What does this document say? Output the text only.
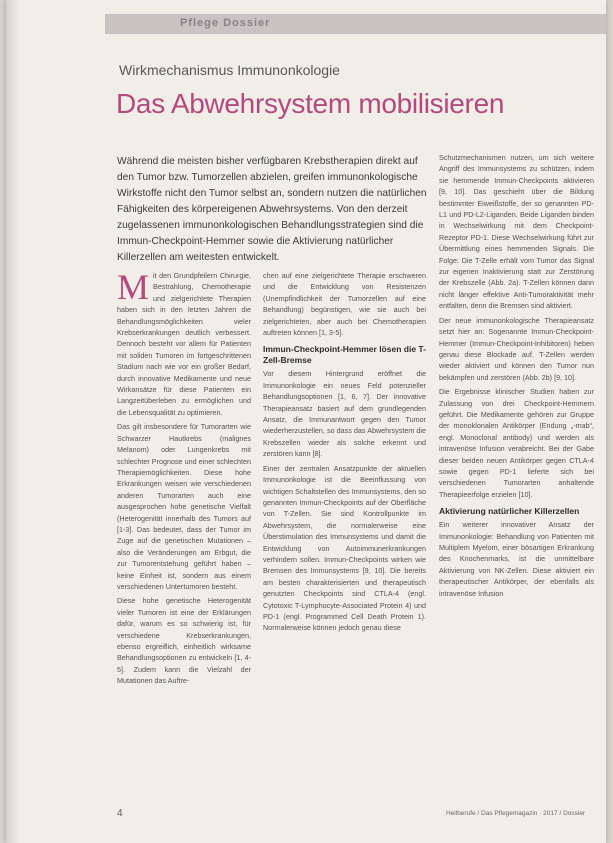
Pflege Dossier
Wirkmechanismus Immunonkologie
Das Abwehrsystem mobilisieren
Während die meisten bisher verfügbaren Krebstherapien direkt auf den Tumor bzw. Tumorzellen abzielen, greifen immunonkologische Wirkstoffe nicht den Tumor selbst an, sondern nutzen die natürlichen Fähigkeiten des körpereigenen Abwehrsystems. Von den derzeit zugelassenen immunonkologischen Behandlungsstrategien sind die Immun-Checkpoint-Hemmer sowie die Aktivierung natürlicher Killerzellen am weitesten entwickelt.

Mit den Grundpfeilern Chirurgie, Bestrahlung, Chemotherapie und zielgerichtete Therapien haben sich in den letzten Jahren die Behandlungsmöglichkeiten vieler Krebserkrankungen deutlich verbessert. Dennoch besteht vor allem für Patienten mit soliden Tumoren im fortgeschrittenen Stadium nach wie vor ein großer Bedarf, durch innovative Medikamente und neue Wirkansätze für diese Patienten ein Langzeitüberleben zu ermöglichen und die Lebensqualität zu optimieren.

Das gilt insbesondere für Tumorarten wie Schwarzer Hautkrebs (malignes Melanom) oder Lungenkrebs mit schlechter Prognose und einer schlechten Therapiemöglichkeiten. Diese hohe Erkrankungen weisen wie verschiedenen anderen Tumorarten auch eine ausgesprochen hohe genetische Vielfalt (Heterogenität innerhalb des Tumors auf [1-3]. Das bedeutet, dass der Tumor im Zuge auf die genetischen Mutationen – also die Veränderungen am Erbgut, die zur Tumorentstehung geführt haben – keine Einheit ist, sondern aus einem verschiedenen Untertumoren besteht.

Diese hohe genetische Heterogenität vieler Tumoren ist eine der Erklärungen dafür, warum es so schwierig ist, für verschiedene Krebserkrankungen, ebenso ergreiflich, einheitlich wirksame Behandlungsoptionen zu entwickeln [1, 4-5]. Zudem kann die Vielzahl der Mutationen das Auftre-

chen auf eine zielgerichtete Therapie erschweren und die Entwicklung von Resistenzen (Unempfindlichkeit der Tumorzellen auf eine Behandlung) begünstigen, wie sie auch bei zielgerichteten, aber auch bei Chemotherapien auftreten können [1, 3-5].

Immun-Checkpoint-Hemmer lösen die T-Zell-Bremse

Vor diesem Hintergrund eröffnet die Immunonkologie ein neues Feld potenzieller Behandlungsoptionen [1, 6, 7]. Der innovative Therapieansatz basiert auf dem grundlegenden Ansatz, die Immunantwort gegen den Tumor wiederherzustellen, so dass das Abwehrsystem die Krebszellen wieder als solche erkennt und zerstören kann [8].

Einer der zentralen Ansatzpunkte der aktuellen Immunonkologie ist die Beeinflussung von wichtigen Schaltstellen des Immunsystems, den so genannten Immun-Checkpoints auf der Oberfläche von T-Zellen. Sie sind Kontrollpunkte im Abwehrsystem, die normalerweise eine Überstimulation des Immunsystems und damit die Entwicklung von Autoimmunerkrankungen verhindern sollen. Immun-Checkpoints wirken wie Bremsen des Immunsystems [9, 10]. Die bereits am besten charakterisierten und therapeutisch genutzten Checkpoints sind CTLA-4 (engl. Cytotoxic T-Lymphocyte-Associated Protein 4) und PD-1 (engl. Programmed Cell Death Protein 1). Normalerweise können jedoch genau diese

Schutzmechanismen nutzen, um sich weitere Angriff des Immunsystems zu schützen, indem sie hemmende Immun-Checkpoints aktivieren [9, 10]. Das geschieht über die Bildung bestimmter Eiweißstoffe, der so genannten PD-L1 und PD-L2-Liganden. Beide Liganden binden in Wechselwirkung mit dem Checkpoint-Rezeptor PD-1. Diese Wechselwirkung führt zur Übermittlung eines hemmenden Signals. Die Folge: Die T-Zelle erhält vom Tumor das Signal zur eigenen Inaktivierung statt zur Zerstörung der Krebszelle (Abb. 2a). T-Zellen können dann nicht länger effektive Anti-Tumoraktivität mehr entfalten, denn die Bremsen sind aktiviert.

Der neue immunonkologische Therapieansatz setzt hier an: Sogenannte Immun-Checkpoint-Hemmer (Immun-Checkpoint-Inhibitoren) heben genau diese Blockade auf. T-Zellen werden wieder aktiviert und können den Tumor nun bekämpfen und zerstören (Abb. 2b) [9, 10].

Die Ergebnisse klinischer Studien haben zur Zulassung von drei Checkpoint-Hemmern geführt. Die Medikamente gehören zur Gruppe der monoklonalen Antikörper (Endung „-mab“, engl. Monoclonal antibody) und werden als intravenöse Infusion verabreicht. Bei der Gabe dieser beiden neuen Antikörper gegen CTLA-4 sowie gegen PD-1 lieferte sich bei verschiedenen Tumorarten anhaltende Therapieerfolge erzielen [10].

Aktivierung natürlicher Killerzellen

Ein weiterer innovativer Ansatz der Immunonkologie: Behandlung von Patienten mit Multiplem Myelom, einer bösartigen Erkrankung des Knochenmarks, ist die unmittelbare Aktivierung von NK-Zellen. Diese aktiviert ein therapeutischer Antikörper, der ebenfalls als intravenöse Infusion

4	Heilberufe / Das Pflegemagazin · 2017 / Dossier
